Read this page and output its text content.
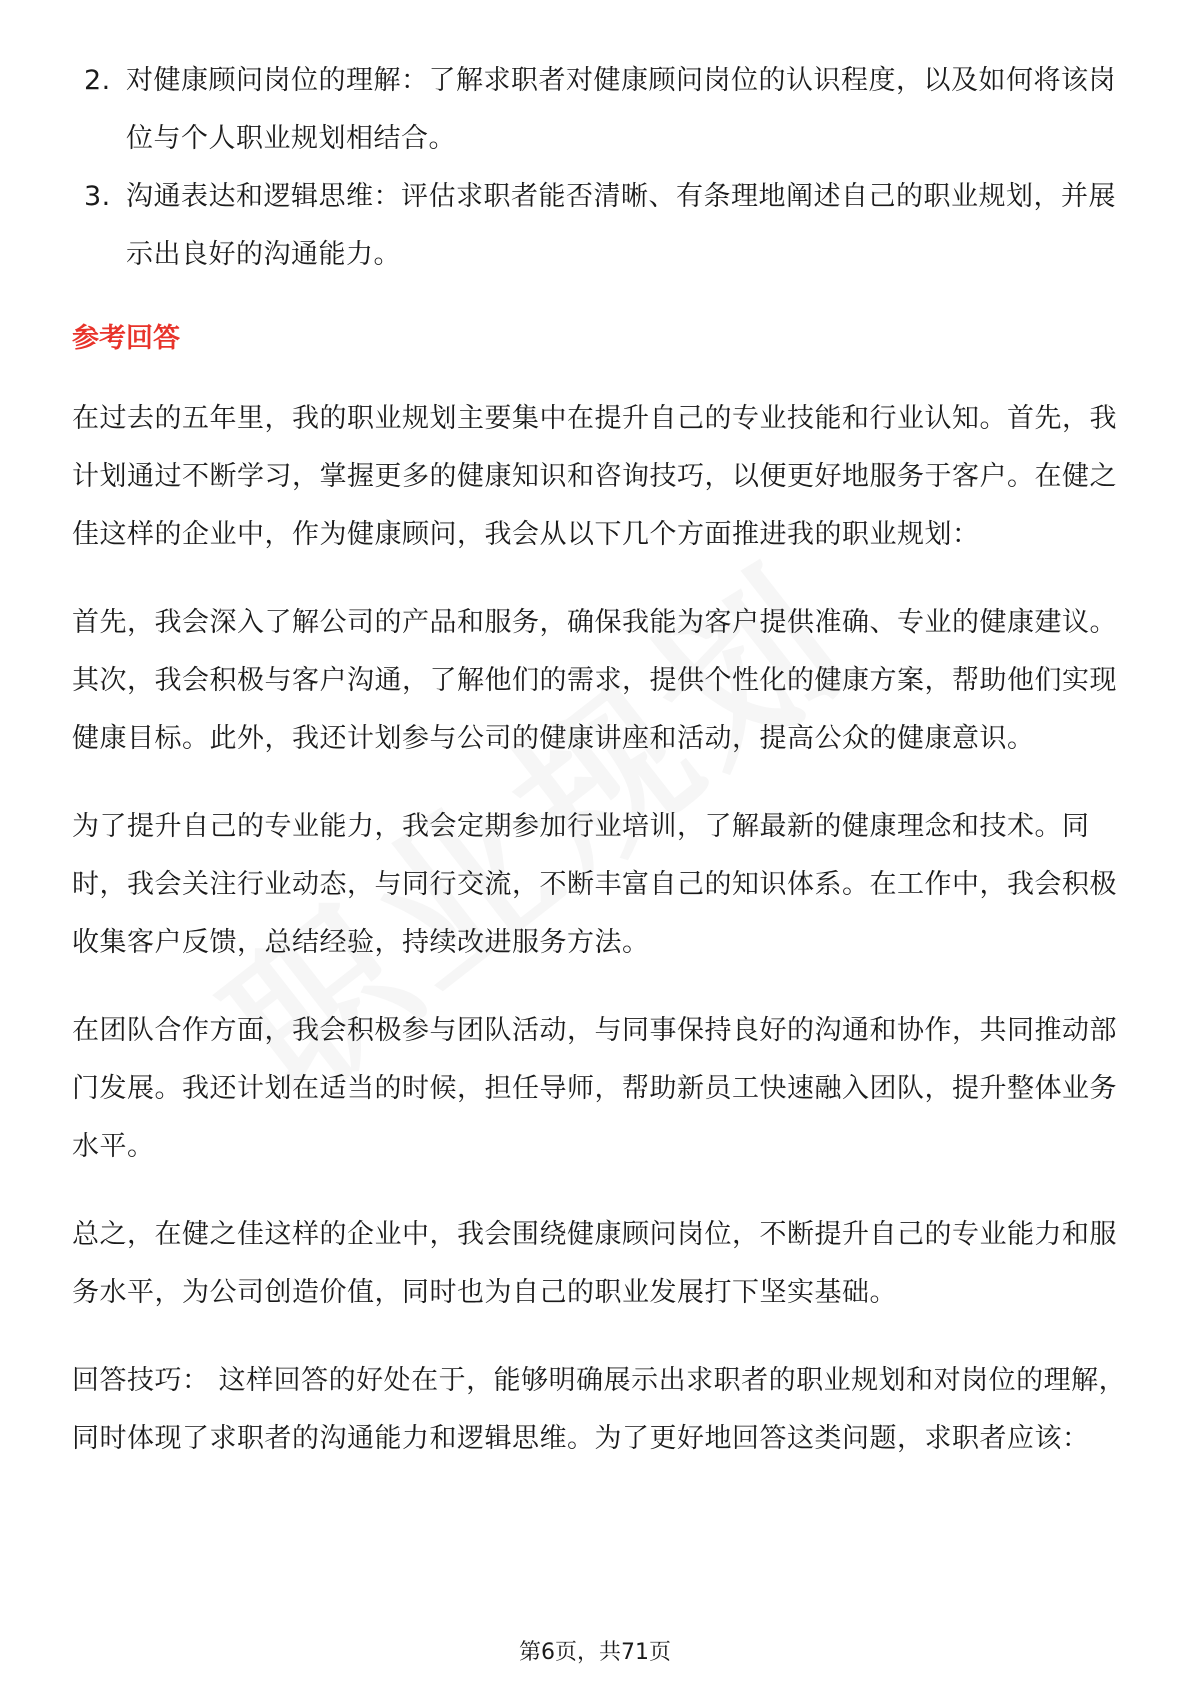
2. 对健康顾问岗位的理解：了解求职者对健康顾问岗位的认识程度，以及如何将该岗位与个人职业规划相结合。
3. 沟通表达和逻辑思维：评估求职者能否清晰、有条理地阐述自己的职业规划，并展示出良好的沟通能力。
参考回答
在过去的五年里，我的职业规划主要集中在提升自己的专业技能和行业认知。首先，我计划通过不断学习，掌握更多的健康知识和咨询技巧，以便更好地服务于客户。在健之佳这样的企业中，作为健康顾问，我会从以下几个方面推进我的职业规划：
首先，我会深入了解公司的产品和服务，确保我能为客户提供准确、专业的健康建议。其次，我会积极与客户沟通，了解他们的需求，提供个性化的健康方案，帮助他们实现健康目标。此外，我还计划参与公司的健康讲座和活动，提高公众的健康意识。
为了提升自己的专业能力，我会定期参加行业培训，了解最新的健康理念和技术。同时，我会关注行业动态，与同行交流，不断丰富自己的知识体系。在工作中，我会积极收集客户反馈，总结经验，持续改进服务方法。
在团队合作方面，我会积极参与团队活动，与同事保持良好的沟通和协作，共同推动部门发展。我还计划在适当的时候，担任导师，帮助新员工快速融入团队，提升整体业务水平。
总之，在健之佳这样的企业中，我会围绕健康顾问岗位，不断提升自己的专业能力和服务水平，为公司创造价值，同时也为自己的职业发展打下坚实基础。
回答技巧： 这样回答的好处在于，能够明确展示出求职者的职业规划和对岗位的理解，同时体现了求职者的沟通能力和逻辑思维。为了更好地回答这类问题，求职者应该：
第6页，共71页
